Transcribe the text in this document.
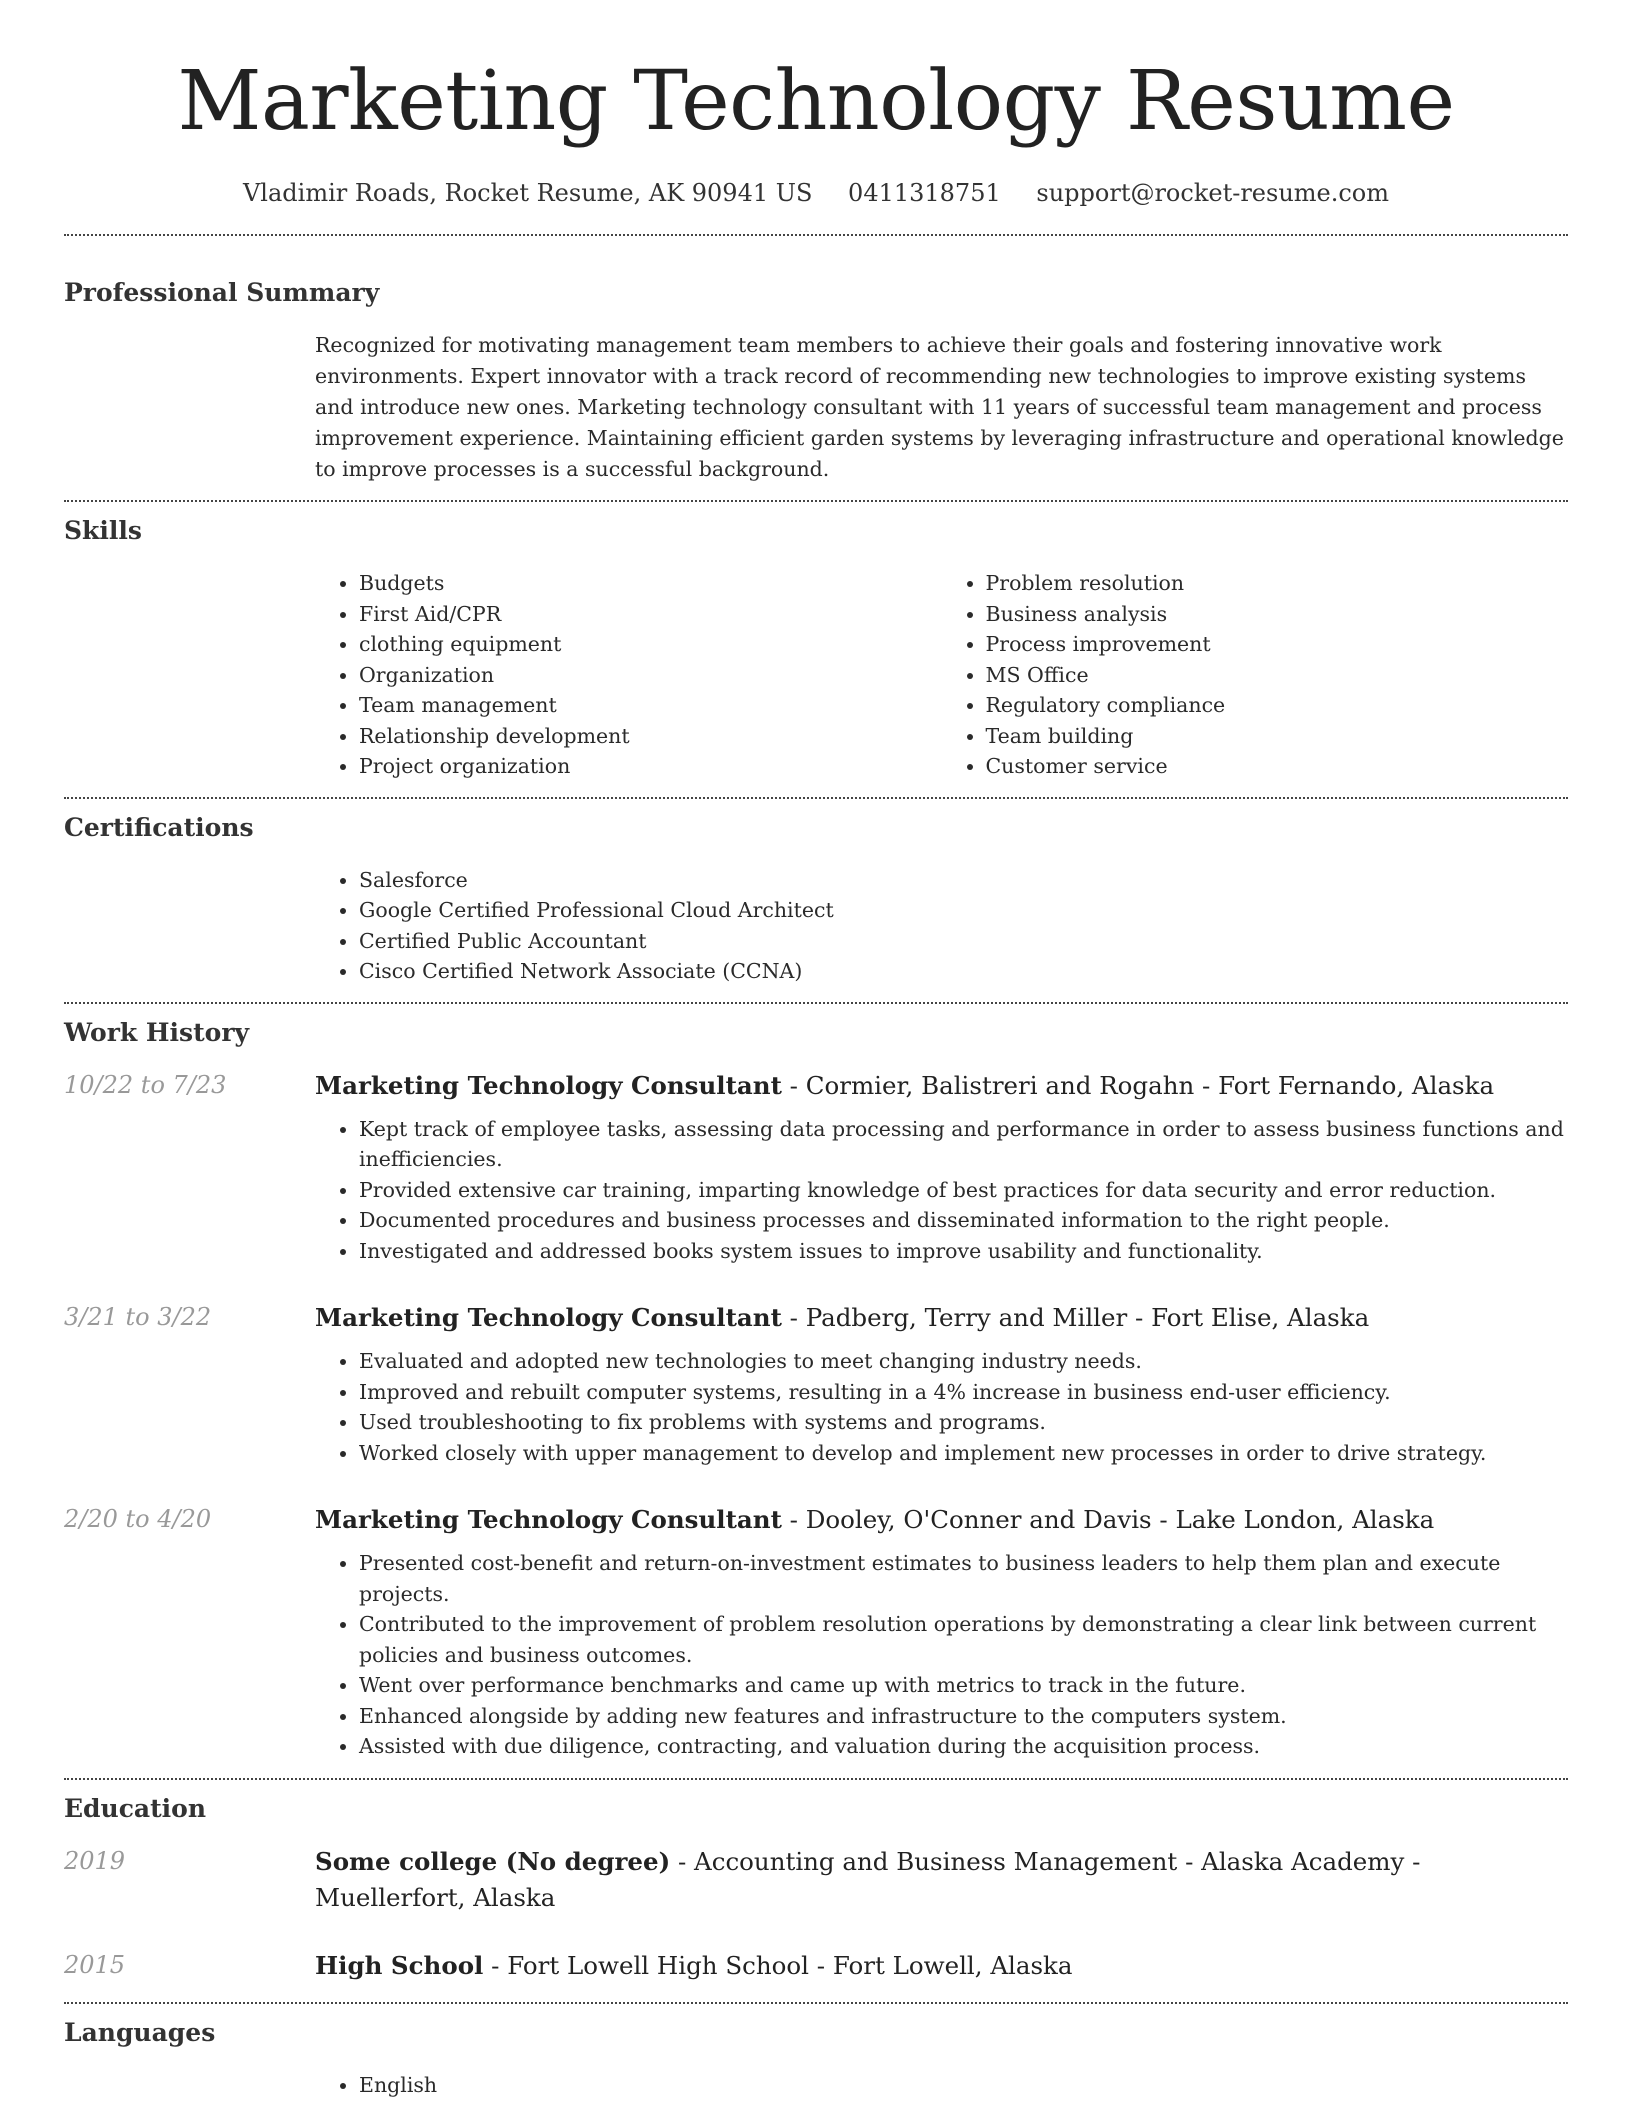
Marketing Technology Resume
Vladimir Roads, Rocket Resume, AK 90941 US 0411318751 support@rocket-resume.com
Professional Summary
Recognized for motivating management team members to achieve their goals and fostering innovative work environments. Expert innovator with a track record of recommending new technologies to improve existing systems and introduce new ones. Marketing technology consultant with 11 years of successful team management and process improvement experience. Maintaining efficient garden systems by leveraging infrastructure and operational knowledge to improve processes is a successful background.
Skills
• Budgets
• First Aid/CPR
• clothing equipment
• Organization
• Team management
• Relationship development
• Project organization
• Problem resolution
• Business analysis
• Process improvement
• MS Office
• Regulatory compliance
• Team building
• Customer service
Certifications
• Salesforce
• Google Certified Professional Cloud Architect
• Certified Public Accountant
• Cisco Certified Network Associate (CCNA)
Work History
10/22 to 7/23	Marketing Technology Consultant - Cormier, Balistreri and Rogahn - Fort Fernando, Alaska
• Kept track of employee tasks, assessing data processing and performance in order to assess business functions and inefficiencies.
• Provided extensive car training, imparting knowledge of best practices for data security and error reduction.
• Documented procedures and business processes and disseminated information to the right people.
• Investigated and addressed books system issues to improve usability and functionality.
3/21 to 3/22	Marketing Technology Consultant - Padberg, Terry and Miller - Fort Elise, Alaska
• Evaluated and adopted new technologies to meet changing industry needs.
• Improved and rebuilt computer systems, resulting in a 4% increase in business end-user efficiency.
• Used troubleshooting to fix problems with systems and programs.
• Worked closely with upper management to develop and implement new processes in order to drive strategy.
2/20 to 4/20	Marketing Technology Consultant - Dooley, O'Conner and Davis - Lake London, Alaska
• Presented cost-benefit and return-on-investment estimates to business leaders to help them plan and execute projects.
• Contributed to the improvement of problem resolution operations by demonstrating a clear link between current policies and business outcomes.
• Went over performance benchmarks and came up with metrics to track in the future.
• Enhanced alongside by adding new features and infrastructure to the computers system.
• Assisted with due diligence, contracting, and valuation during the acquisition process.
Education
2019	Some college (No degree) - Accounting and Business Management - Alaska Academy - Muellerfort, Alaska
2015	High School - Fort Lowell High School - Fort Lowell, Alaska
Languages
• English
